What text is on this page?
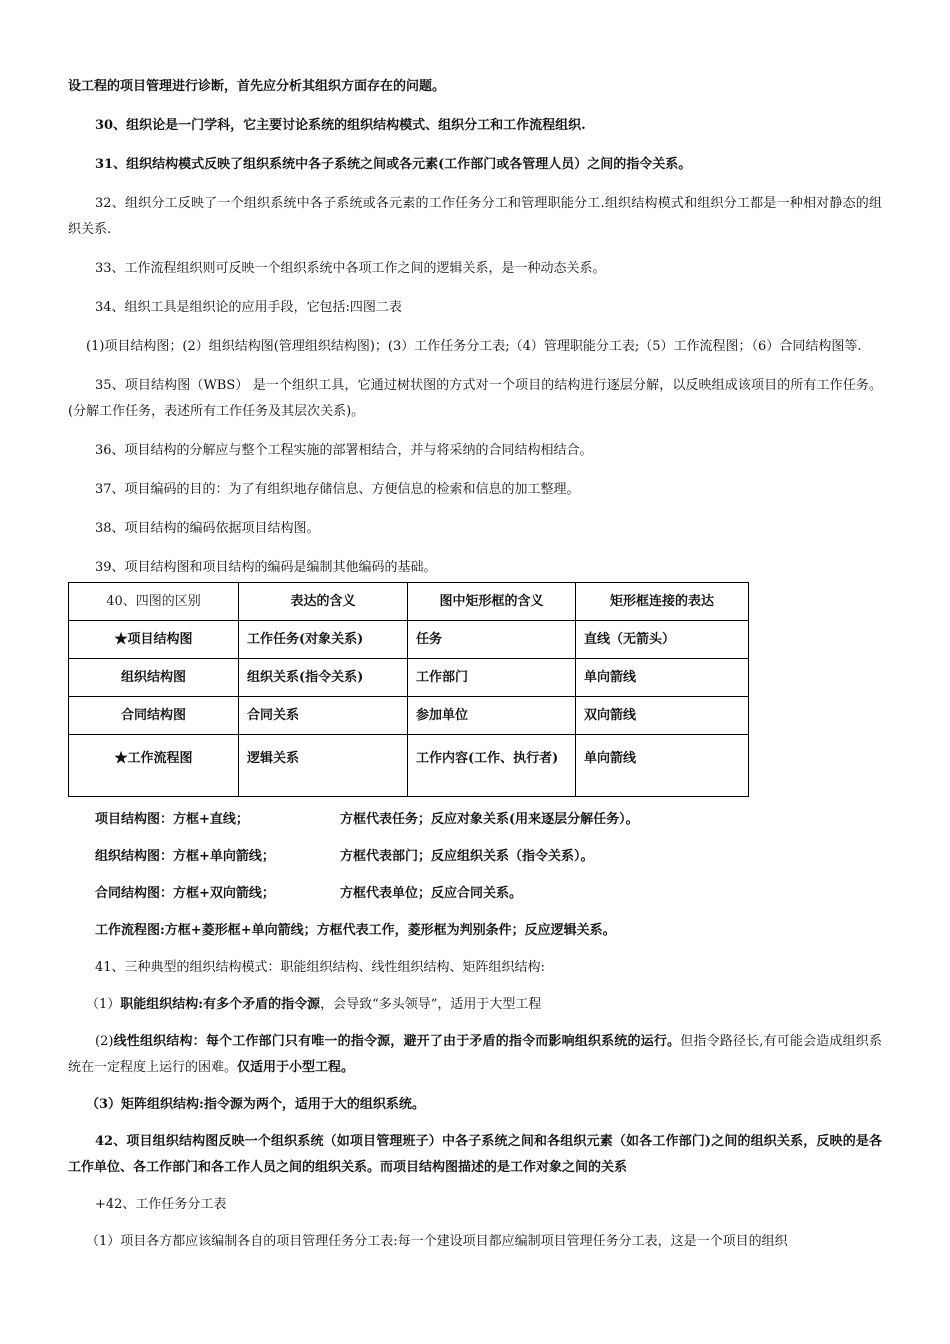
设工程的项目管理进行诊断，首先应分析其组织方面存在的问题。

30、组织论是一门学科，它主要讨论系统的组织结构模式、组织分工和工作流程组织.

31、组织结构模式反映了组织系统中各子系统之间或各元素(工作部门或各管理人员）之间的指令关系。

32、组织分工反映了一个组织系统中各子系统或各元素的工作任务分工和管理职能分工.组织结构模式和组织分工都是一种相对静态的组织关系.

33、工作流程组织则可反映一个组织系统中各项工作之间的逻辑关系，是一种动态关系。

34、组织工具是组织论的应用手段，它包括:四图二表

(1)项目结构图；(2）组织结构图(管理组织结构图)；(3）工作任务分工表;（4）管理职能分工表;（5）工作流程图；（6）合同结构图等.

35、项目结构图（WBS） 是一个组织工具，它通过树状图的方式对一个项目的结构进行逐层分解，以反映组成该项目的所有工作任务。(分解工作任务，表述所有工作任务及其层次关系)。

36、项目结构的分解应与整个工程实施的部署相结合，并与将采纳的合同结构相结合。

37、项目编码的目的：为了有组织地存储信息、方便信息的检索和信息的加工整理。

38、项目结构的编码依据项目结构图。

39、项目结构图和项目结构的编码是编制其他编码的基础。

40、四图的区别	表达的含义	图中矩形框的含义	矩形框连接的表达
★项目结构图	工作任务(对象关系)	任务	直线（无箭头）
组织结构图	组织关系(指令关系)	工作部门	单向箭线
合同结构图	合同关系	参加单位	双向箭线
★工作流程图	逻辑关系	工作内容(工作、执行者)	单向箭线

项目结构图：方框+直线；	方框代表任务；反应对象关系(用来逐层分解任务）。

组织结构图：方框+单向箭线；	方框代表部门；反应组织关系（指令关系）。

合同结构图：方框+双向箭线；	方框代表单位；反应合同关系。

工作流程图:方框+菱形框+单向箭线；方框代表工作，菱形框为判别条件；反应逻辑关系。

41、三种典型的组织结构模式：职能组织结构、线性组织结构、矩阵组织结构:

（1）职能组织结构:有多个矛盾的指令源，会导致“多头领导”，适用于大型工程

(2)线性组织结构：每个工作部门只有唯一的指令源，避开了由于矛盾的指令而影响组织系统的运行。但指令路径长,有可能会造成组织系统在一定程度上运行的困难。仅适用于小型工程。

（3）矩阵组织结构:指令源为两个，适用于大的组织系统。

42、项目组织结构图反映一个组织系统（如项目管理班子）中各子系统之间和各组织元素（如各工作部门)之间的组织关系，反映的是各工作单位、各工作部门和各工作人员之间的组织关系。而项目结构图描述的是工作对象之间的关系

+42、工作任务分工表

（1）项目各方都应该编制各自的项目管理任务分工表:每一个建设项目都应编制项目管理任务分工表，这是一个项目的组织
